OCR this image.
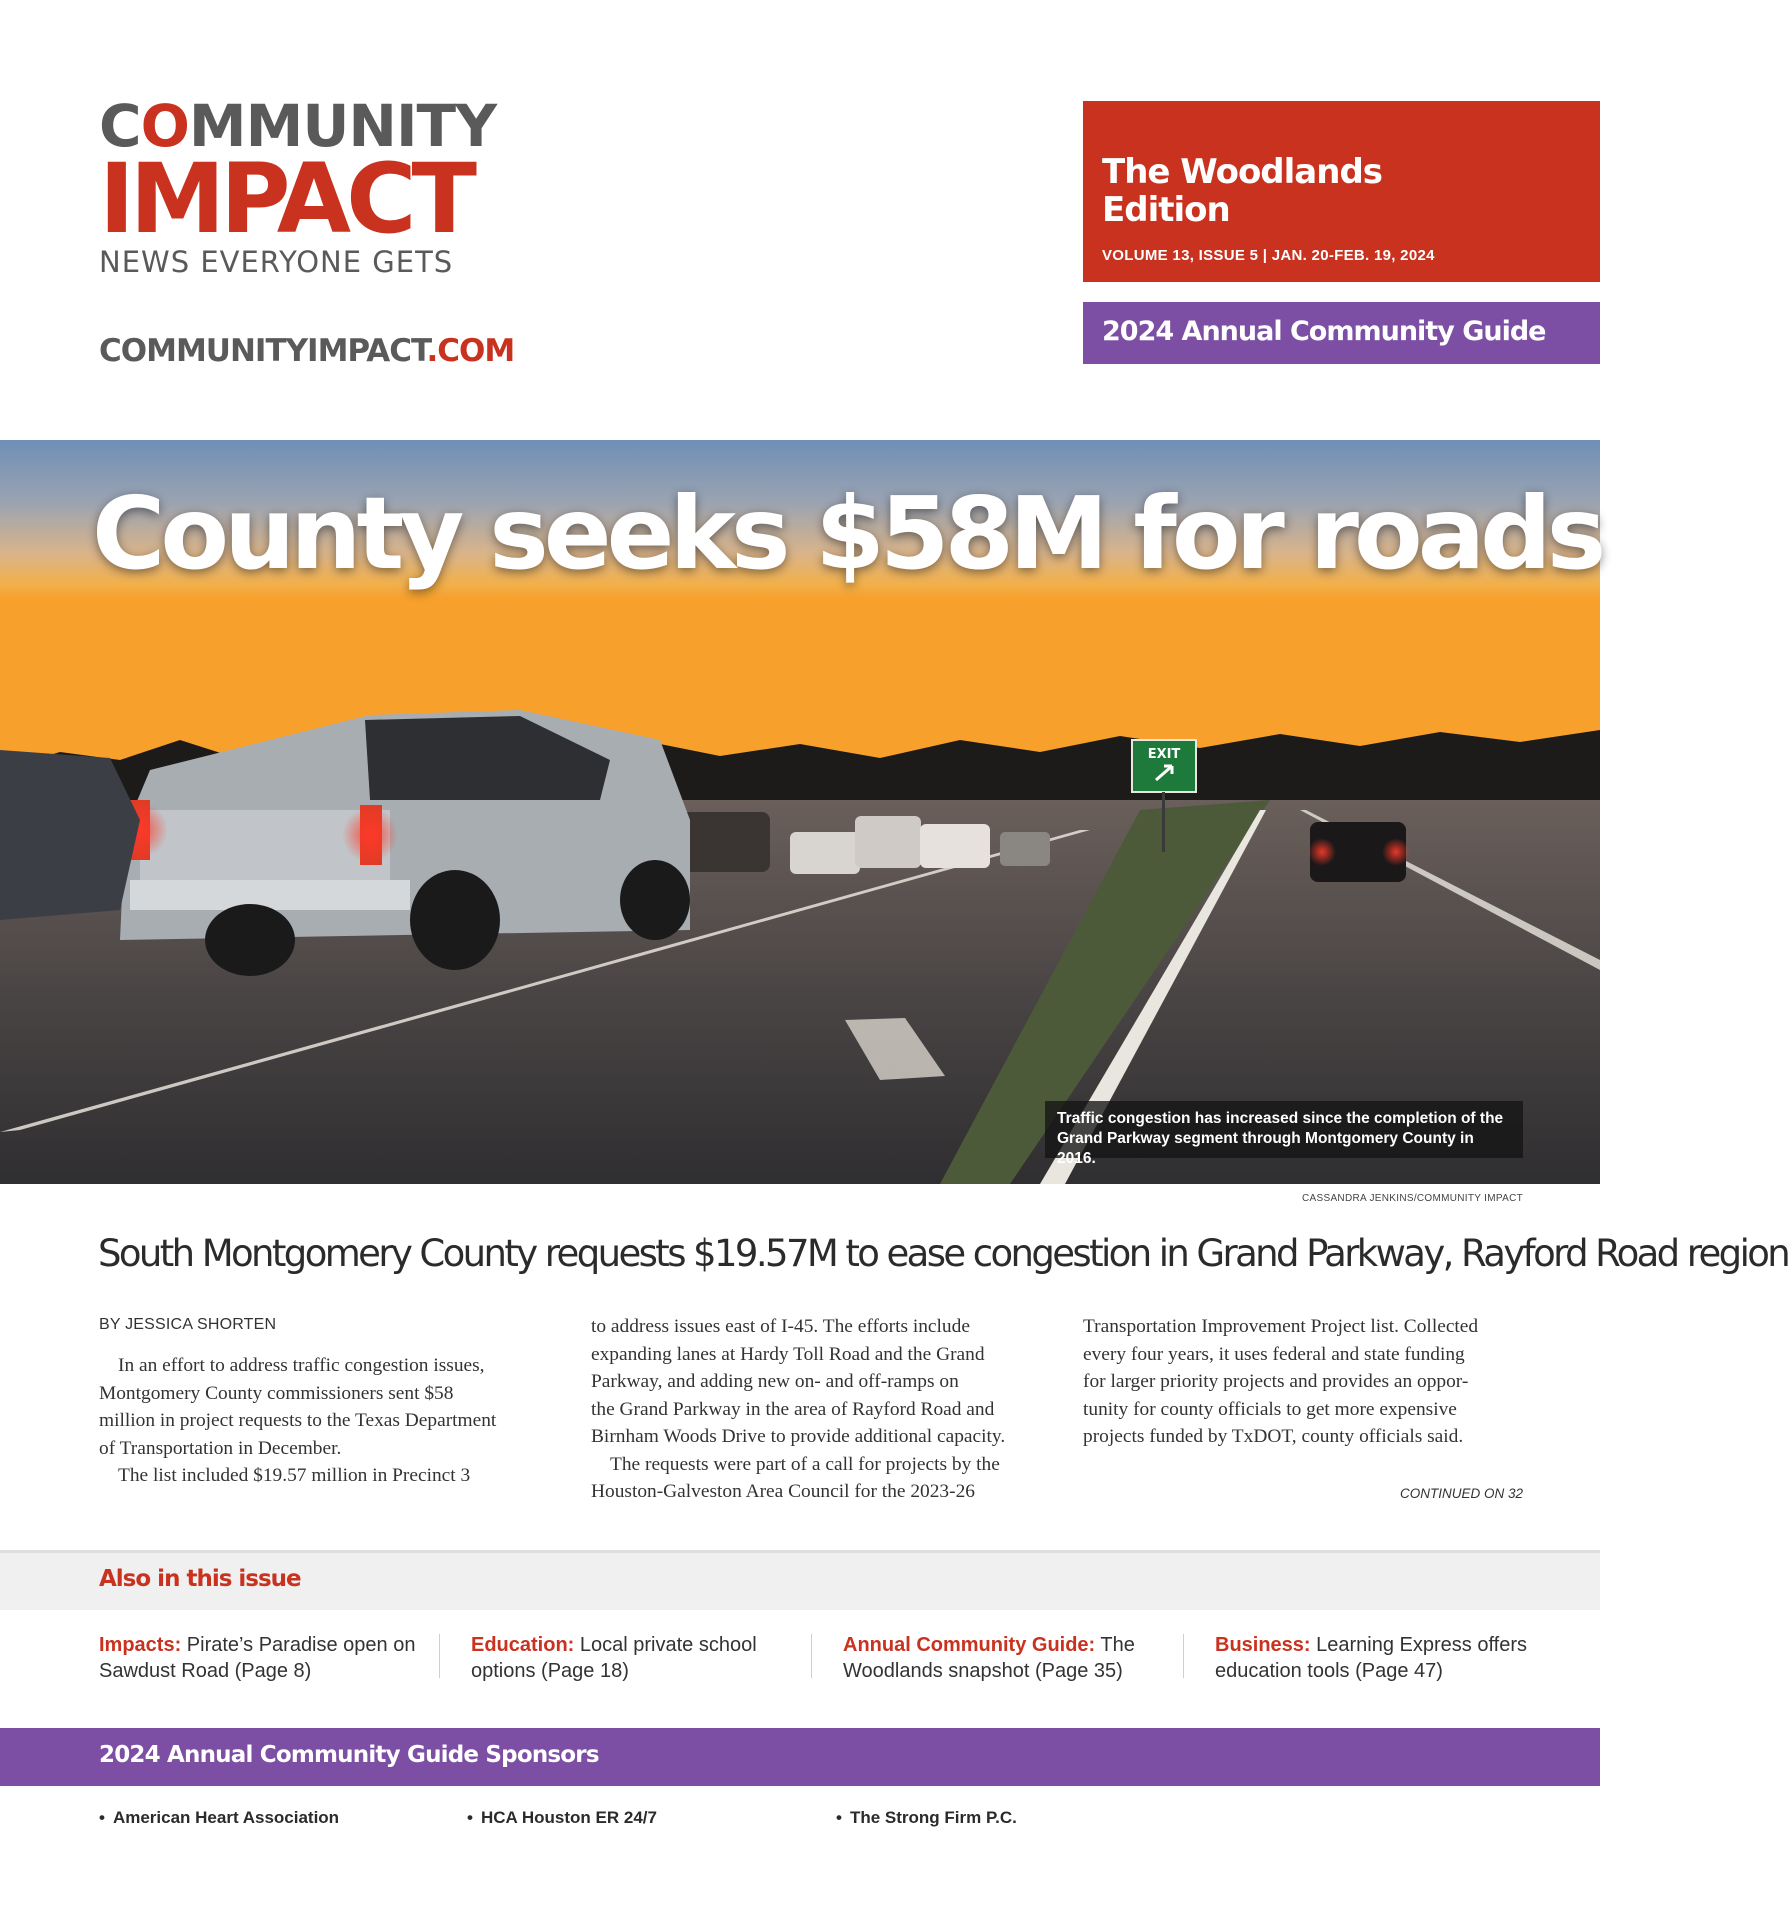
COMMUNITY
IMPACT
NEWS EVERYONE GETS
COMMUNITYIMPACT.COM
The Woodlands
Edition
VOLUME 13, ISSUE 5 | JAN. 20-FEB. 19, 2024
2024 Annual Community Guide
EXIT
Traffic congestion has increased since the completion of the
Grand Parkway segment through Montgomery County in 2016.
County seeks $58M for roads
CASSANDRA JENKINS/COMMUNITY IMPACT
South Montgomery County requests $19.57M to ease congestion in Grand Parkway, Rayford Road region
BY JESSICA SHORTEN

In an effort to address traffic congestion issues,

Montgomery County commissioners sent $58

million in project requests to the Texas Department

of Transportation in December.

The list included $19.57 million in Precinct 3

to address issues east of I-45. The efforts include

expanding lanes at Hardy Toll Road and the Grand

Parkway, and adding new on- and off-ramps on

the Grand Parkway in the area of Rayford Road and

Birnham Woods Drive to provide additional capacity.

The requests were part of a call for projects by the

Houston-Galveston Area Council for the 2023-26

Transportation Improvement Project list. Collected

every four years, it uses federal and state funding

for larger priority projects and provides an oppor-

tunity for county officials to get more expensive

projects funded by TxDOT, county officials said.

CONTINUED ON 32
Also in this issue
Impacts: Pirate’s Paradise open on
Sawdust Road (Page 8)
Education: Local private school
options (Page 18)
Annual Community Guide: The
Woodlands snapshot (Page 35)
Business: Learning Express offers
education tools (Page 47)
2024 Annual Community Guide Sponsors
• American Heart Association	• HCA Houston ER 24/7	• The Strong Firm P.C.
